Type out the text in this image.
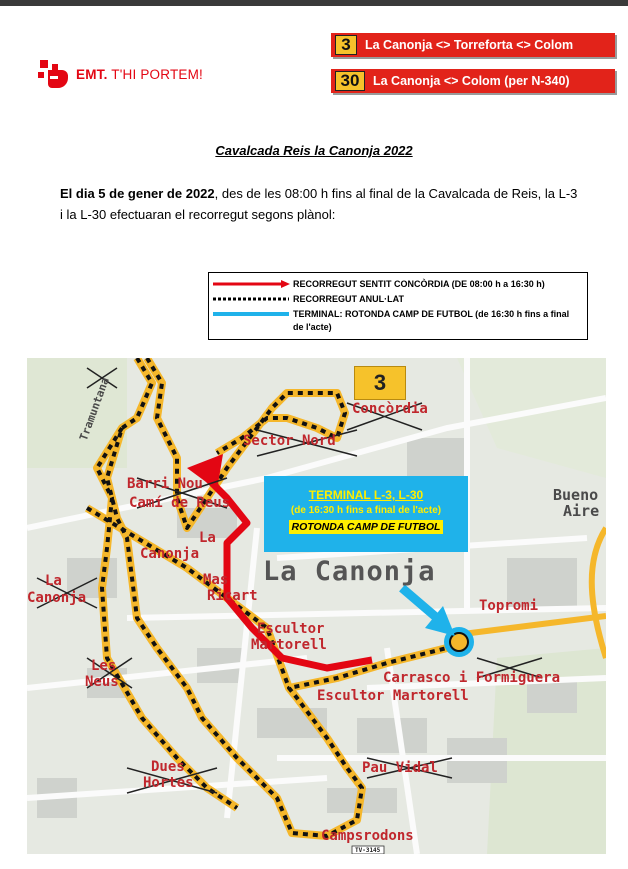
EMT. T'HI PORTEM!
3	La Canonja <> Torreforta <> Colom
30	La Canonja <> Colom (per N-340)
Cavalcada Reis la Canonja 2022
El dia 5 de gener de 2022, des de les 08:00 h fins al final de la Cavalcada de Reis, la L-3 i la L-30 efectuaran el recorregut segons plànol:
RECORREGUT SENTIT CONCÒRDIA (DE 08:00 h a 16:30 h)
RECORREGUT ANUL·LAT
TERMINAL: ROTONDA CAMP DE FUTBOL (de 16:30 h fins a final de l'acte)
3
La Canonja
Concòrdia
Sector Nord
Barri Nou
Camí de Reus
La
Canonja
La
Canonja
Mas
Ricart
Escultor
Martorell
Les
Neus
Dues
Hortes
Pau Vidal
Carrasco i Formiguera
Escultor Martorell
Campsrodons
Topromi
Bueno
Aire
Tramuntana
TV-3145
TERMINAL L-3, L-30
(de 16:30 h fins a final de l'acte)
ROTONDA CAMP DE FUTBOL
